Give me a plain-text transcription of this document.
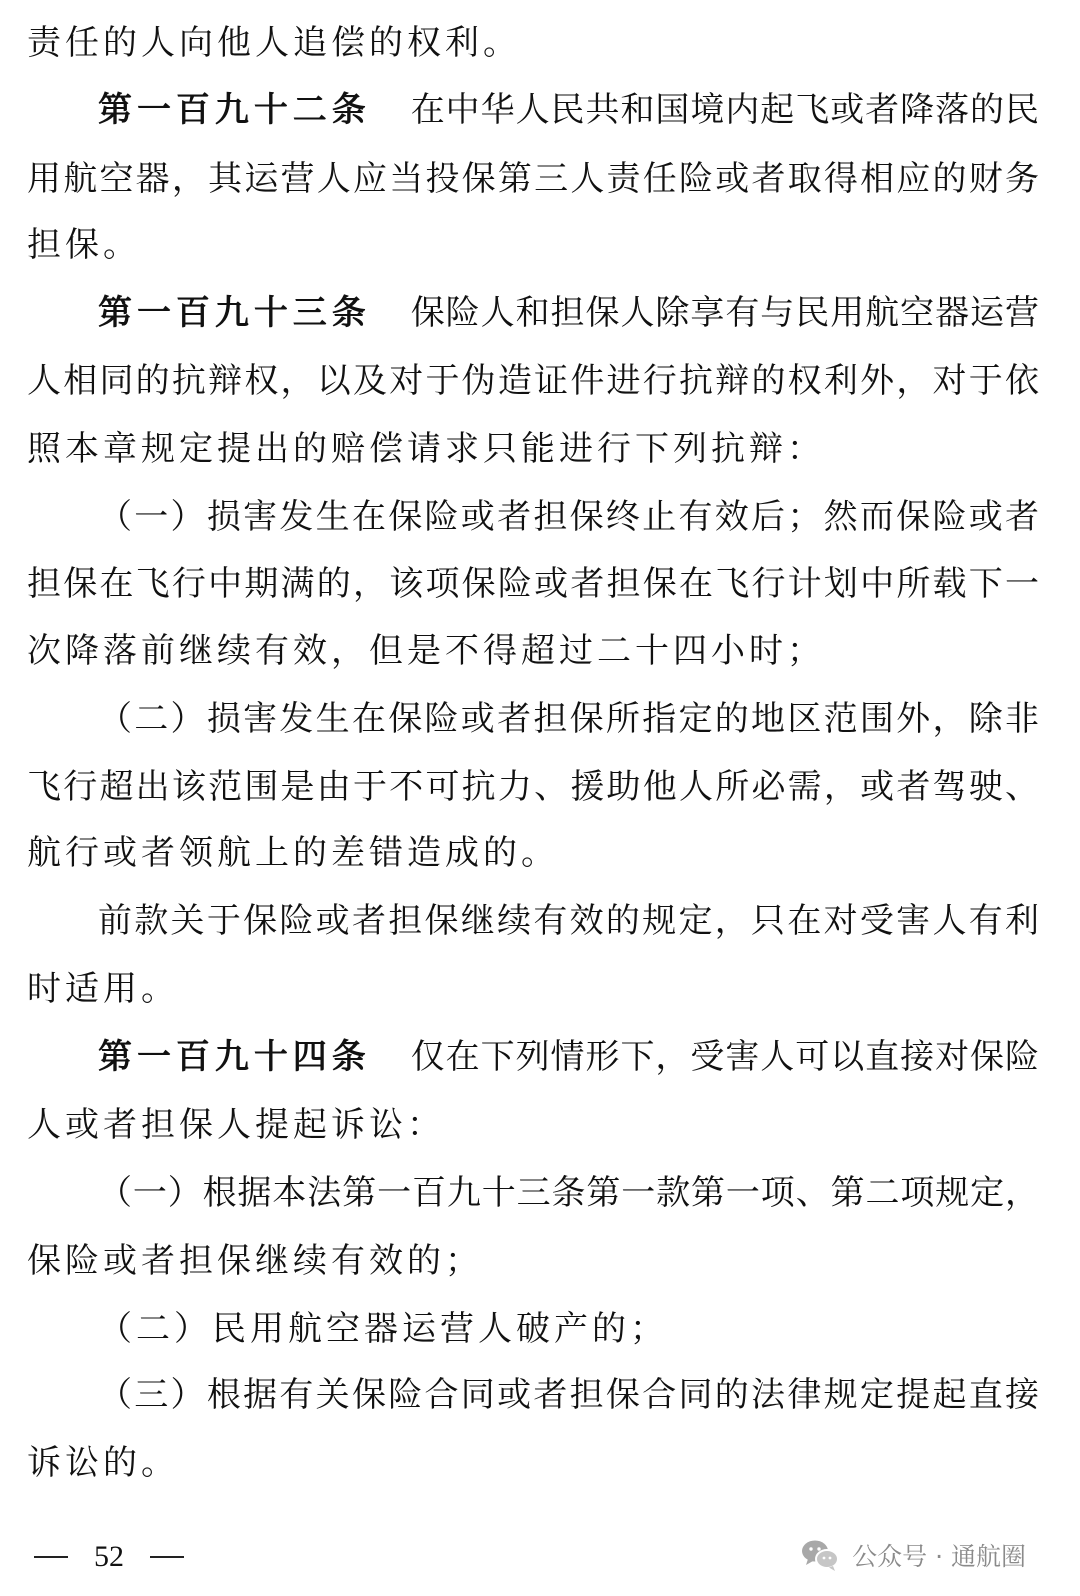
责任的人向他人追偿的权利。
第一百九十二条 在中华人民共和国境内起飞或者降落的民
用航空器，其运营人应当投保第三人责任险或者取得相应的财务
担保。
第一百九十三条 保险人和担保人除享有与民用航空器运营
人相同的抗辩权，以及对于伪造证件进行抗辩的权利外，对于依
照本章规定提出的赔偿请求只能进行下列抗辩：
（一）损害发生在保险或者担保终止有效后；然而保险或者
担保在飞行中期满的，该项保险或者担保在飞行计划中所载下一
次降落前继续有效，但是不得超过二十四小时；
（二）损害发生在保险或者担保所指定的地区范围外，除非
飞行超出该范围是由于不可抗力、援助他人所必需，或者驾驶、
航行或者领航上的差错造成的。
前款关于保险或者担保继续有效的规定，只在对受害人有利
时适用。
第一百九十四条 仅在下列情形下，受害人可以直接对保险
人或者担保人提起诉讼：
（一）根据本法第一百九十三条第一款第一项、第二项规定，
保险或者担保继续有效的；
（二）民用航空器运营人破产的；
（三）根据有关保险合同或者担保合同的法律规定提起直接
诉讼的。
52	公众号 · 通航圈
